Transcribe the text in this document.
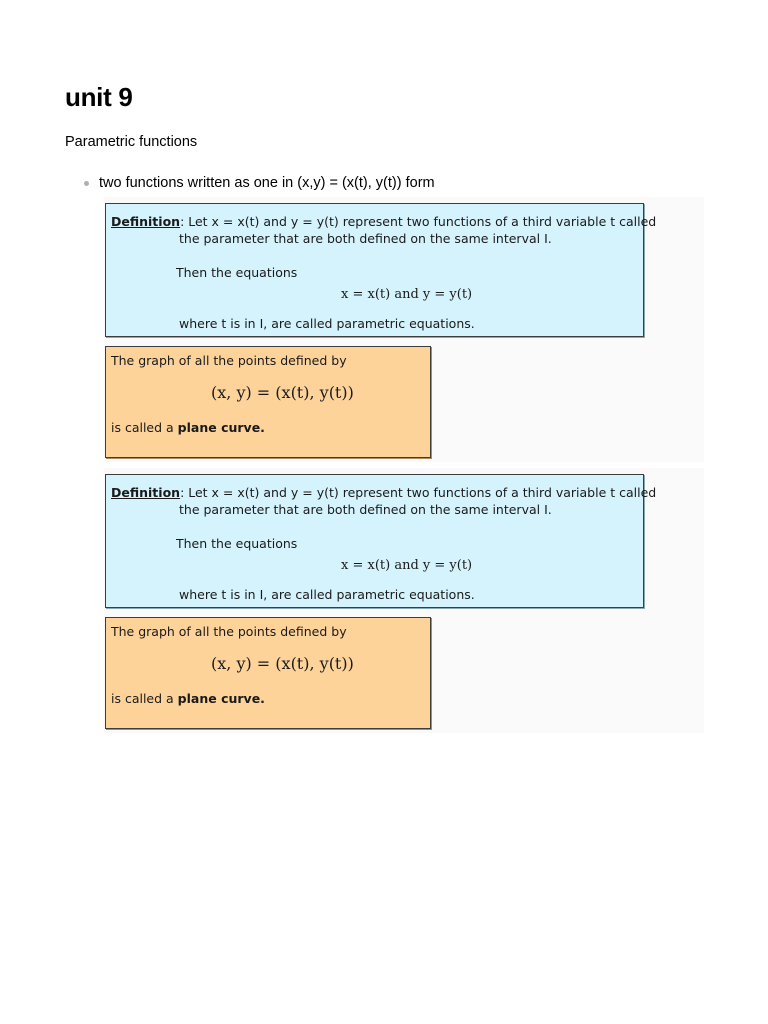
unit 9

Parametric functions

two functions written as one in (x,y) = (x(t), y(t)) form
Definition: Let x = x(t) and y = y(t) represent two functions of a third variable t called
the parameter that are both defined on the same interval I.
Then the equations
x = x(t) and y = y(t)
where t is in I, are called parametric equations.
The graph of all the points defined by
(x, y) = (x(t), y(t))
is called a plane curve.
Definition: Let x = x(t) and y = y(t) represent two functions of a third variable t called
the parameter that are both defined on the same interval I.
Then the equations
x = x(t) and y = y(t)
where t is in I, are called parametric equations.
The graph of all the points defined by
(x, y) = (x(t), y(t))
is called a plane curve.
